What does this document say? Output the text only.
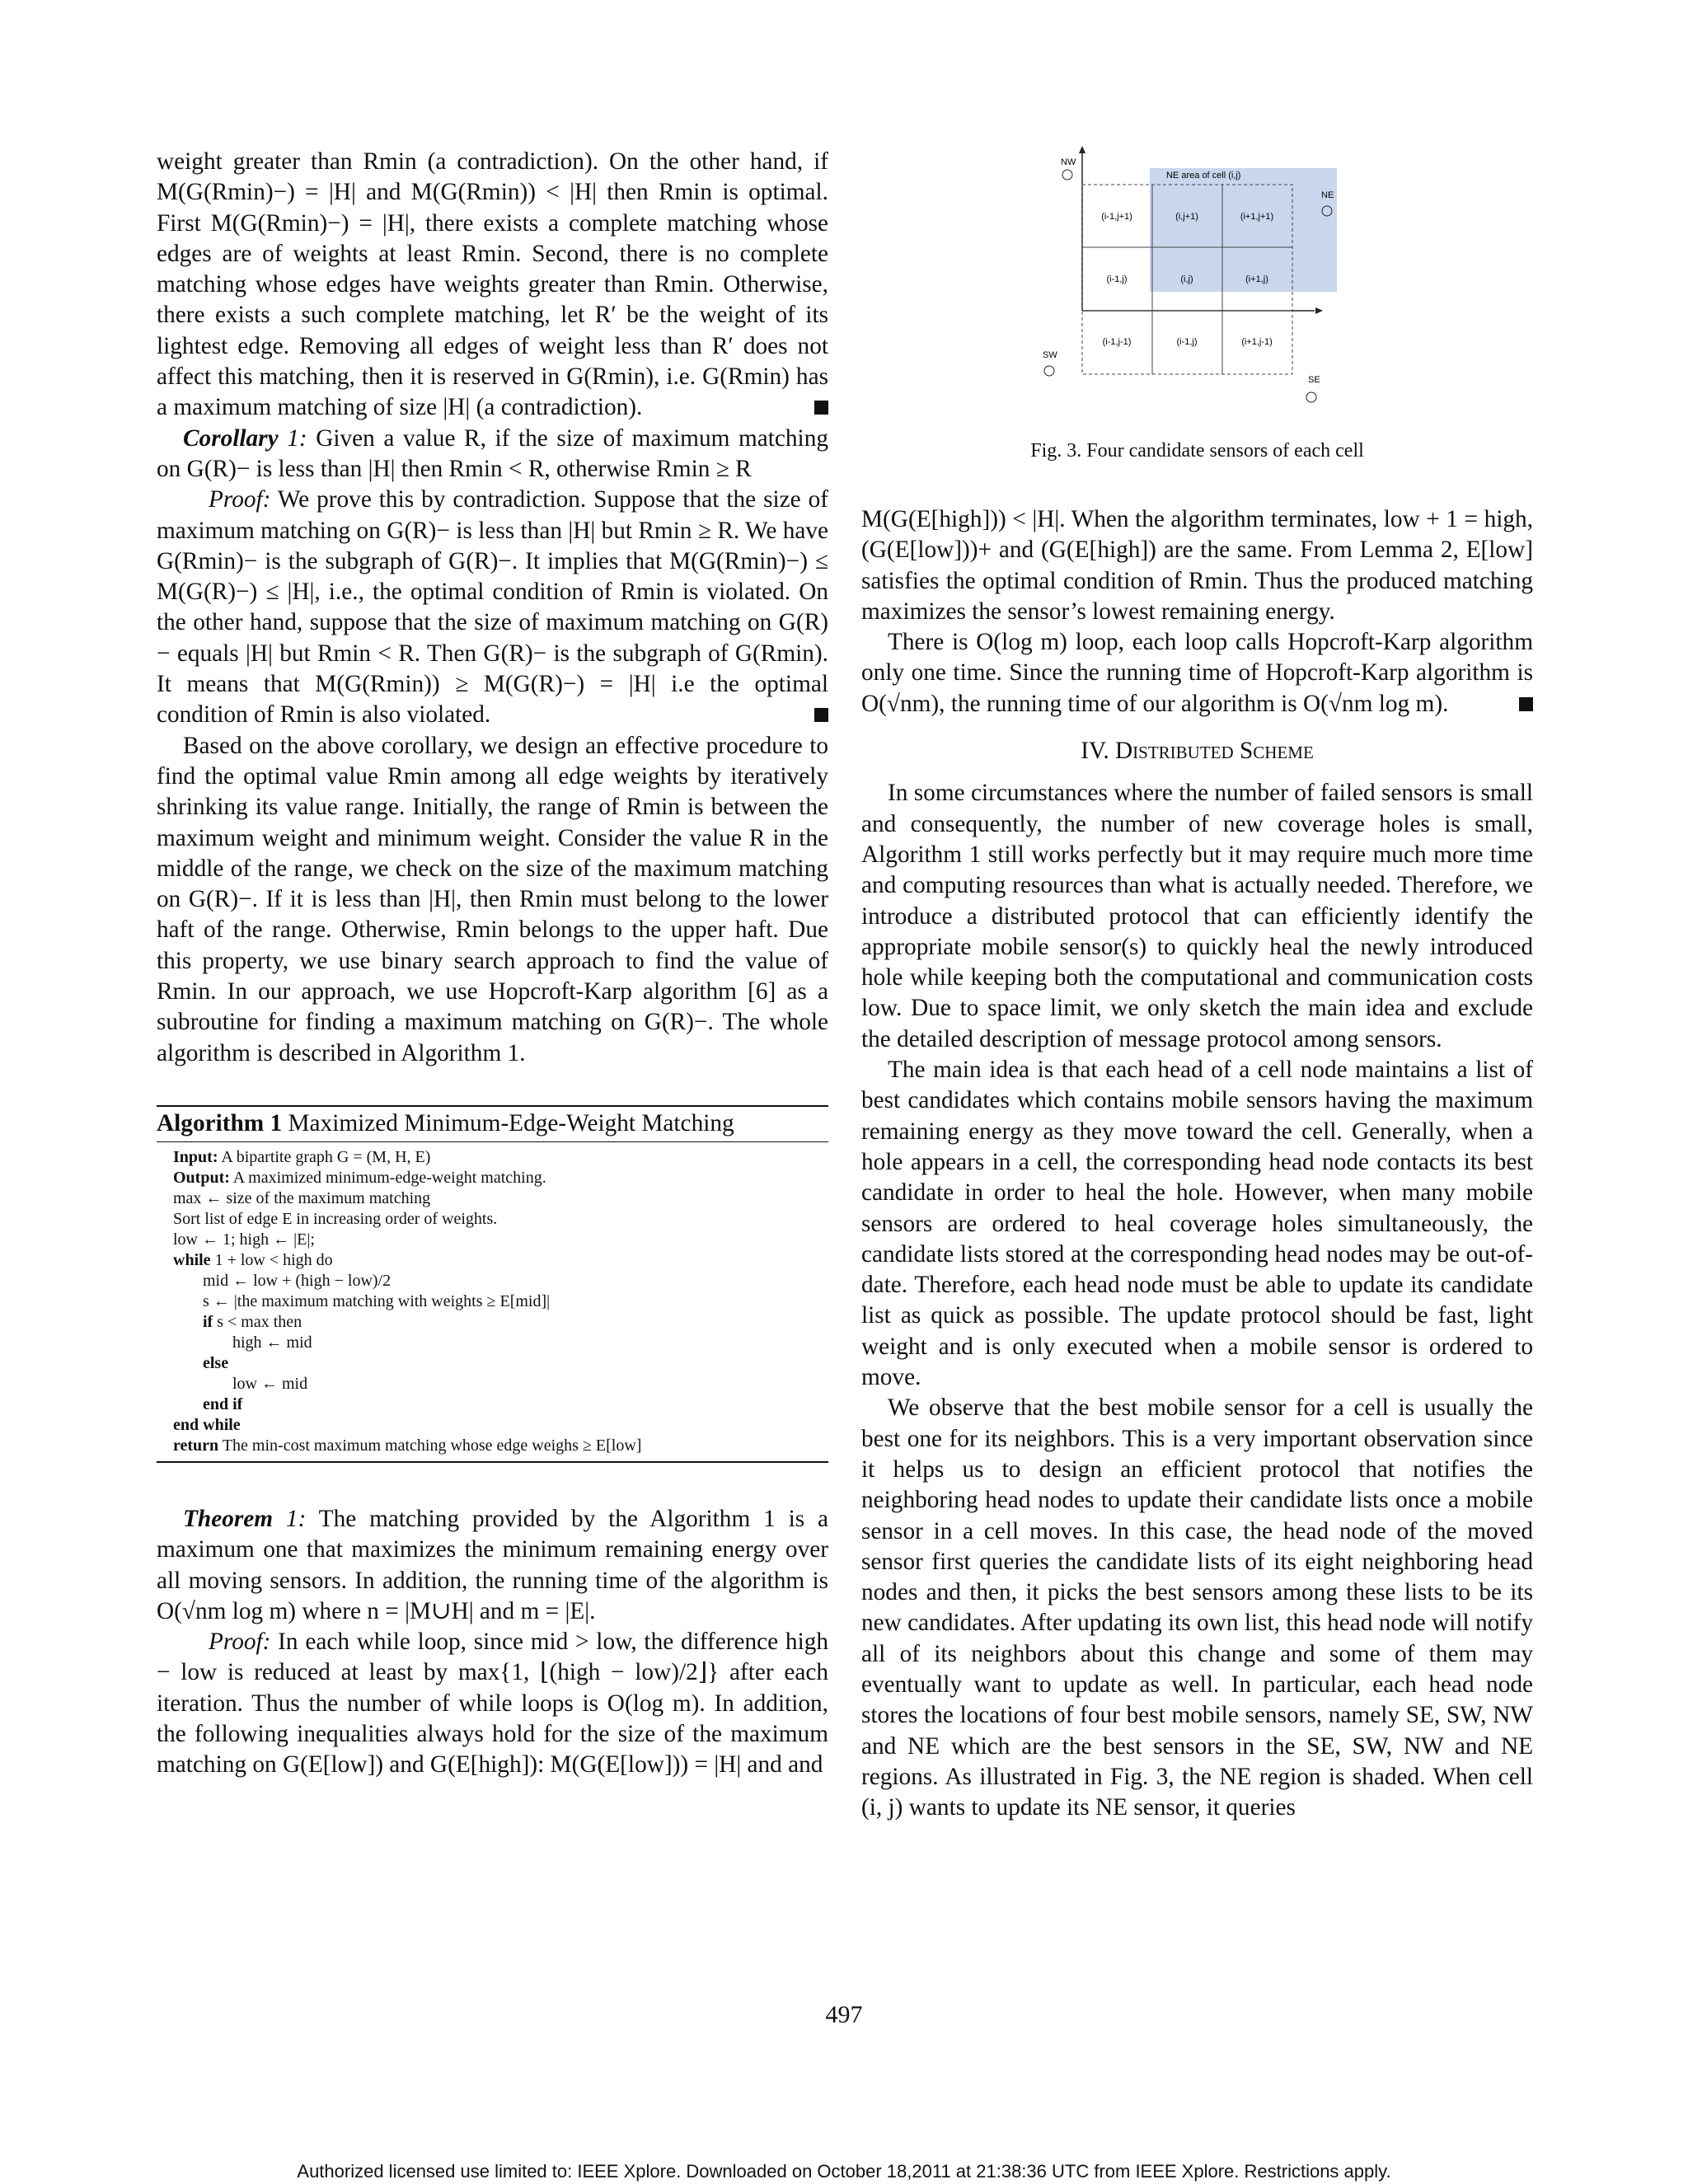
weight greater than Rmin (a contradiction). On the other hand, if M(G(Rmin)−) = |H| and M(G(Rmin)) < |H| then Rmin is optimal. First M(G(Rmin)−) = |H|, there exists a complete matching whose edges are of weights at least Rmin. Second, there is no complete matching whose edges have weights greater than Rmin. Otherwise, there exists a such complete matching, let R′ be the weight of its lightest edge. Removing all edges of weight less than R′ does not affect this matching, then it is reserved in G(Rmin), i.e. G(Rmin) has a maximum matching of size |H| (a contradiction).

Corollary 1: Given a value R, if the size of maximum matching on G(R)− is less than |H| then Rmin < R, otherwise Rmin ≥ R

Proof: We prove this by contradiction. Suppose that the size of maximum matching on G(R)− is less than |H| but Rmin ≥ R. We have G(Rmin)− is the subgraph of G(R)−. It implies that M(G(Rmin)−) ≤ M(G(R)−) ≤ |H|, i.e., the optimal condition of Rmin is violated. On the other hand, suppose that the size of maximum matching on G(R)− equals |H| but Rmin < R. Then G(R)− is the subgraph of G(Rmin). It means that M(G(Rmin)) ≥ M(G(R)−) = |H| i.e the optimal condition of Rmin is also violated.

Based on the above corollary, we design an effective procedure to find the optimal value Rmin among all edge weights by iteratively shrinking its value range. Initially, the range of Rmin is between the maximum weight and minimum weight. Consider the value R in the middle of the range, we check on the size of the maximum matching on G(R)−. If it is less than |H|, then Rmin must belong to the lower haft of the range. Otherwise, Rmin belongs to the upper haft. Due this property, we use binary search approach to find the value of Rmin. In our approach, we use Hopcroft-Karp algorithm [6] as a subroutine for finding a maximum matching on G(R)−. The whole algorithm is described in Algorithm 1.

Algorithm 1 Maximized Minimum-Edge-Weight Matching
Input: A bipartite graph G = (M, H, E)
Output: A maximized minimum-edge-weight matching.
max ← size of the maximum matching
Sort list of edge E in increasing order of weights.
low ← 1; high ← |E|;
while 1 + low < high do
mid ← low + (high − low)/2
s ← |the maximum matching with weights ≥ E[mid]|
if s < max then
high ← mid
else
low ← mid
end if
end while
return The min-cost maximum matching whose edge weighs ≥ E[low]

Theorem 1: The matching provided by the Algorithm 1 is a maximum one that maximizes the minimum remaining energy over all moving sensors. In addition, the running time of the algorithm is O(√nm log m) where n = |M∪H| and m = |E|.

Proof: In each while loop, since mid > low, the difference high − low is reduced at least by max{1, ⌊(high − low)/2⌋} after each iteration. Thus the number of while loops is O(log m). In addition, the following inequalities always hold for the size of the maximum matching on G(E[low]) and G(E[high]): M(G(E[low])) = |H| and and

(i-1,j+1)	(i,j+1)	(i+1,j+1)
(i-1,j)	(i,j)	(i+1,j)
(i-1,j-1)	(i-1,j)	(i+1,j-1)
NE area of cell (i,j)
NW
NE
SW
SE
Fig. 3. Four candidate sensors of each cell

M(G(E[high])) < |H|. When the algorithm terminates, low + 1 = high, (G(E[low]))+ and (G(E[high]) are the same. From Lemma 2, E[low] satisfies the optimal condition of Rmin. Thus the produced matching maximizes the sensor’s lowest remaining energy.

There is O(log m) loop, each loop calls Hopcroft-Karp algorithm only one time. Since the running time of Hopcroft-Karp algorithm is O(√nm), the running time of our algorithm is O(√nm log m).

IV. Distributed Scheme

In some circumstances where the number of failed sensors is small and consequently, the number of new coverage holes is small, Algorithm 1 still works perfectly but it may require much more time and computing resources than what is actually needed. Therefore, we introduce a distributed protocol that can efficiently identify the appropriate mobile sensor(s) to quickly heal the newly introduced hole while keeping both the computational and communication costs low. Due to space limit, we only sketch the main idea and exclude the detailed description of message protocol among sensors.

The main idea is that each head of a cell node maintains a list of best candidates which contains mobile sensors having the maximum remaining energy as they move toward the cell. Generally, when a hole appears in a cell, the corresponding head node contacts its best candidate in order to heal the hole. However, when many mobile sensors are ordered to heal coverage holes simultaneously, the candidate lists stored at the corresponding head nodes may be out-of-date. Therefore, each head node must be able to update its candidate list as quick as possible. The update protocol should be fast, light weight and is only executed when a mobile sensor is ordered to move.

We observe that the best mobile sensor for a cell is usually the best one for its neighbors. This is a very important observation since it helps us to design an efficient protocol that notifies the neighboring head nodes to update their candidate lists once a mobile sensor in a cell moves. In this case, the head node of the moved sensor first queries the candidate lists of its eight neighboring head nodes and then, it picks the best sensors among these lists to be its new candidates. After updating its own list, this head node will notify all of its neighbors about this change and some of them may eventually want to update as well. In particular, each head node stores the locations of four best mobile sensors, namely SE, SW, NW and NE which are the best sensors in the SE, SW, NW and NE regions. As illustrated in Fig. 3, the NE region is shaded. When cell (i, j) wants to update its NE sensor, it queries

497
Authorized licensed use limited to: IEEE Xplore. Downloaded on October 18,2011 at 21:38:36 UTC from IEEE Xplore. Restrictions apply.
